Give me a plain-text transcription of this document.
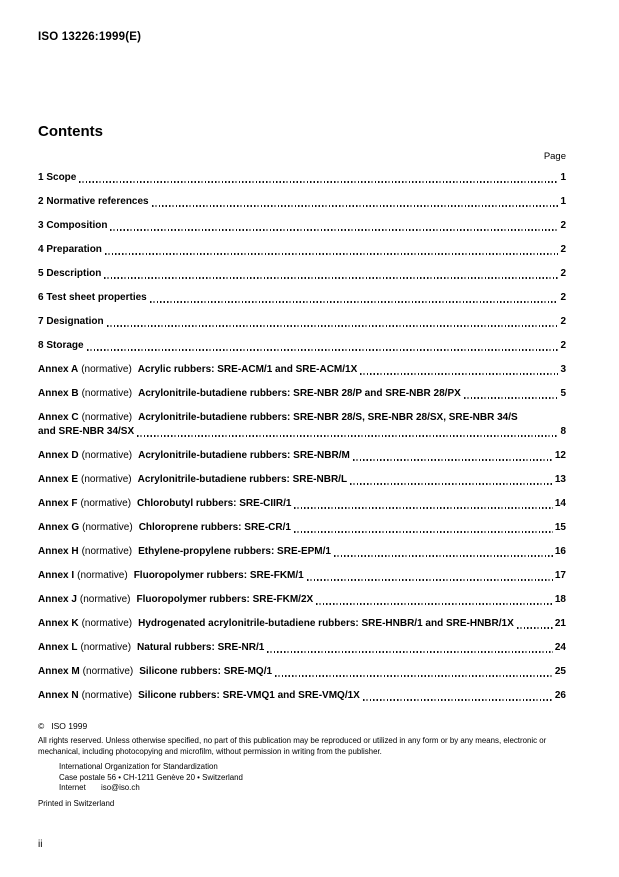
ISO 13226:1999(E)
Contents
Page
1 Scope	1
2 Normative references	1
3 Composition	2
4 Preparation	2
5 Description	2
6 Test sheet properties	2
7 Designation	2
8 Storage	2
Annex A (normative) Acrylic rubbers: SRE-ACM/1 and SRE-ACM/1X	3
Annex B (normative) Acrylonitrile-butadiene rubbers: SRE-NBR 28/P and SRE-NBR 28/PX	5
Annex C (normative) Acrylonitrile-butadiene rubbers: SRE-NBR 28/S, SRE-NBR 28/SX, SRE-NBR 34/S
and SRE-NBR 34/SX	8
Annex D (normative) Acrylonitrile-butadiene rubbers: SRE-NBR/M	12
Annex E (normative) Acrylonitrile-butadiene rubbers: SRE-NBR/L	13
Annex F (normative) Chlorobutyl rubbers: SRE-CIIR/1	14
Annex G (normative) Chloroprene rubbers: SRE-CR/1	15
Annex H (normative) Ethylene-propylene rubbers: SRE-EPM/1	16
Annex I (normative) Fluoropolymer rubbers: SRE-FKM/1	17
Annex J (normative) Fluoropolymer rubbers: SRE-FKM/2X	18
Annex K (normative) Hydrogenated acrylonitrile-butadiene rubbers: SRE-HNBR/1 and SRE-HNBR/1X	21
Annex L (normative) Natural rubbers: SRE-NR/1	24
Annex M (normative) Silicone rubbers: SRE-MQ/1	25
Annex N (normative) Silicone rubbers: SRE-VMQ1 and SRE-VMQ/1X	26
© ISO 1999
All rights reserved. Unless otherwise specified, no part of this publication may be reproduced or utilized in any form or by any means, electronic or mechanical, including photocopying and microfilm, without permission in writing from the publisher.
International Organization for Standardization
Case postale 56 • CH-1211 Genève 20 • Switzerland
Internet iso@iso.ch
Printed in Switzerland
ii
